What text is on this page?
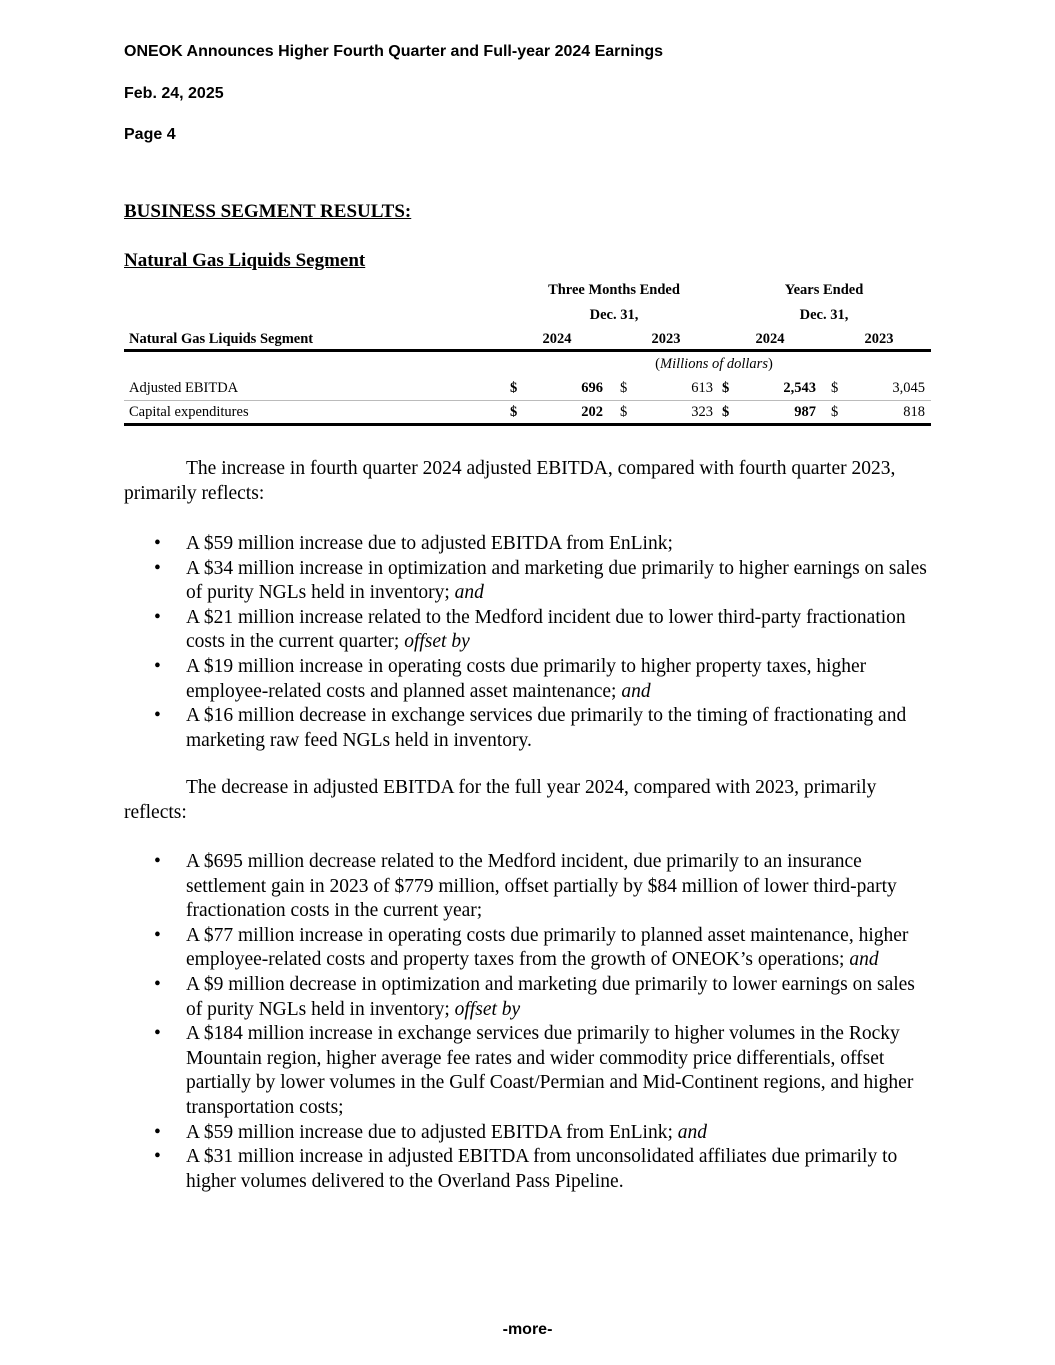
ONEOK Announces Higher Fourth Quarter and Full-year 2024 Earnings
Feb. 24, 2025
Page 4
BUSINESS SEGMENT RESULTS:
Natural Gas Liquids Segment
Three Months Ended
Dec. 31,
Years Ended
Dec. 31,
Natural Gas Liquids Segment	2024	2023	2024	2023
(Millions of dollars)
Adjusted EBITDA	$	696 $	613 $	2,543 $	3,045
Capital expenditures	$	202 $	323 $	987 $	818

The increase in fourth quarter 2024 adjusted EBITDA, compared with fourth quarter 2023, primarily reflects:

• A $59 million increase due to adjusted EBITDA from EnLink;
• A $34 million increase in optimization and marketing due primarily to higher earnings on sales of purity NGLs held in inventory; and
• A $21 million increase related to the Medford incident due to lower third-party fractionation costs in the current quarter; offset by
• A $19 million increase in operating costs due primarily to higher property taxes, higher employee-related costs and planned asset maintenance; and
• A $16 million decrease in exchange services due primarily to the timing of fractionating and marketing raw feed NGLs held in inventory.

The decrease in adjusted EBITDA for the full year 2024, compared with 2023, primarily reflects:

• A $695 million decrease related to the Medford incident, due primarily to an insurance settlement gain in 2023 of $779 million, offset partially by $84 million of lower third-party fractionation costs in the current year;
• A $77 million increase in operating costs due primarily to planned asset maintenance, higher employee-related costs and property taxes from the growth of ONEOK’s operations; and
• A $9 million decrease in optimization and marketing due primarily to lower earnings on sales of purity NGLs held in inventory; offset by
• A $184 million increase in exchange services due primarily to higher volumes in the Rocky Mountain region, higher average fee rates and wider commodity price differentials, offset partially by lower volumes in the Gulf Coast/Permian and Mid-Continent regions, and higher transportation costs;
• A $59 million increase due to adjusted EBITDA from EnLink; and
• A $31 million increase in adjusted EBITDA from unconsolidated affiliates due primarily to higher volumes delivered to the Overland Pass Pipeline.
-more-
